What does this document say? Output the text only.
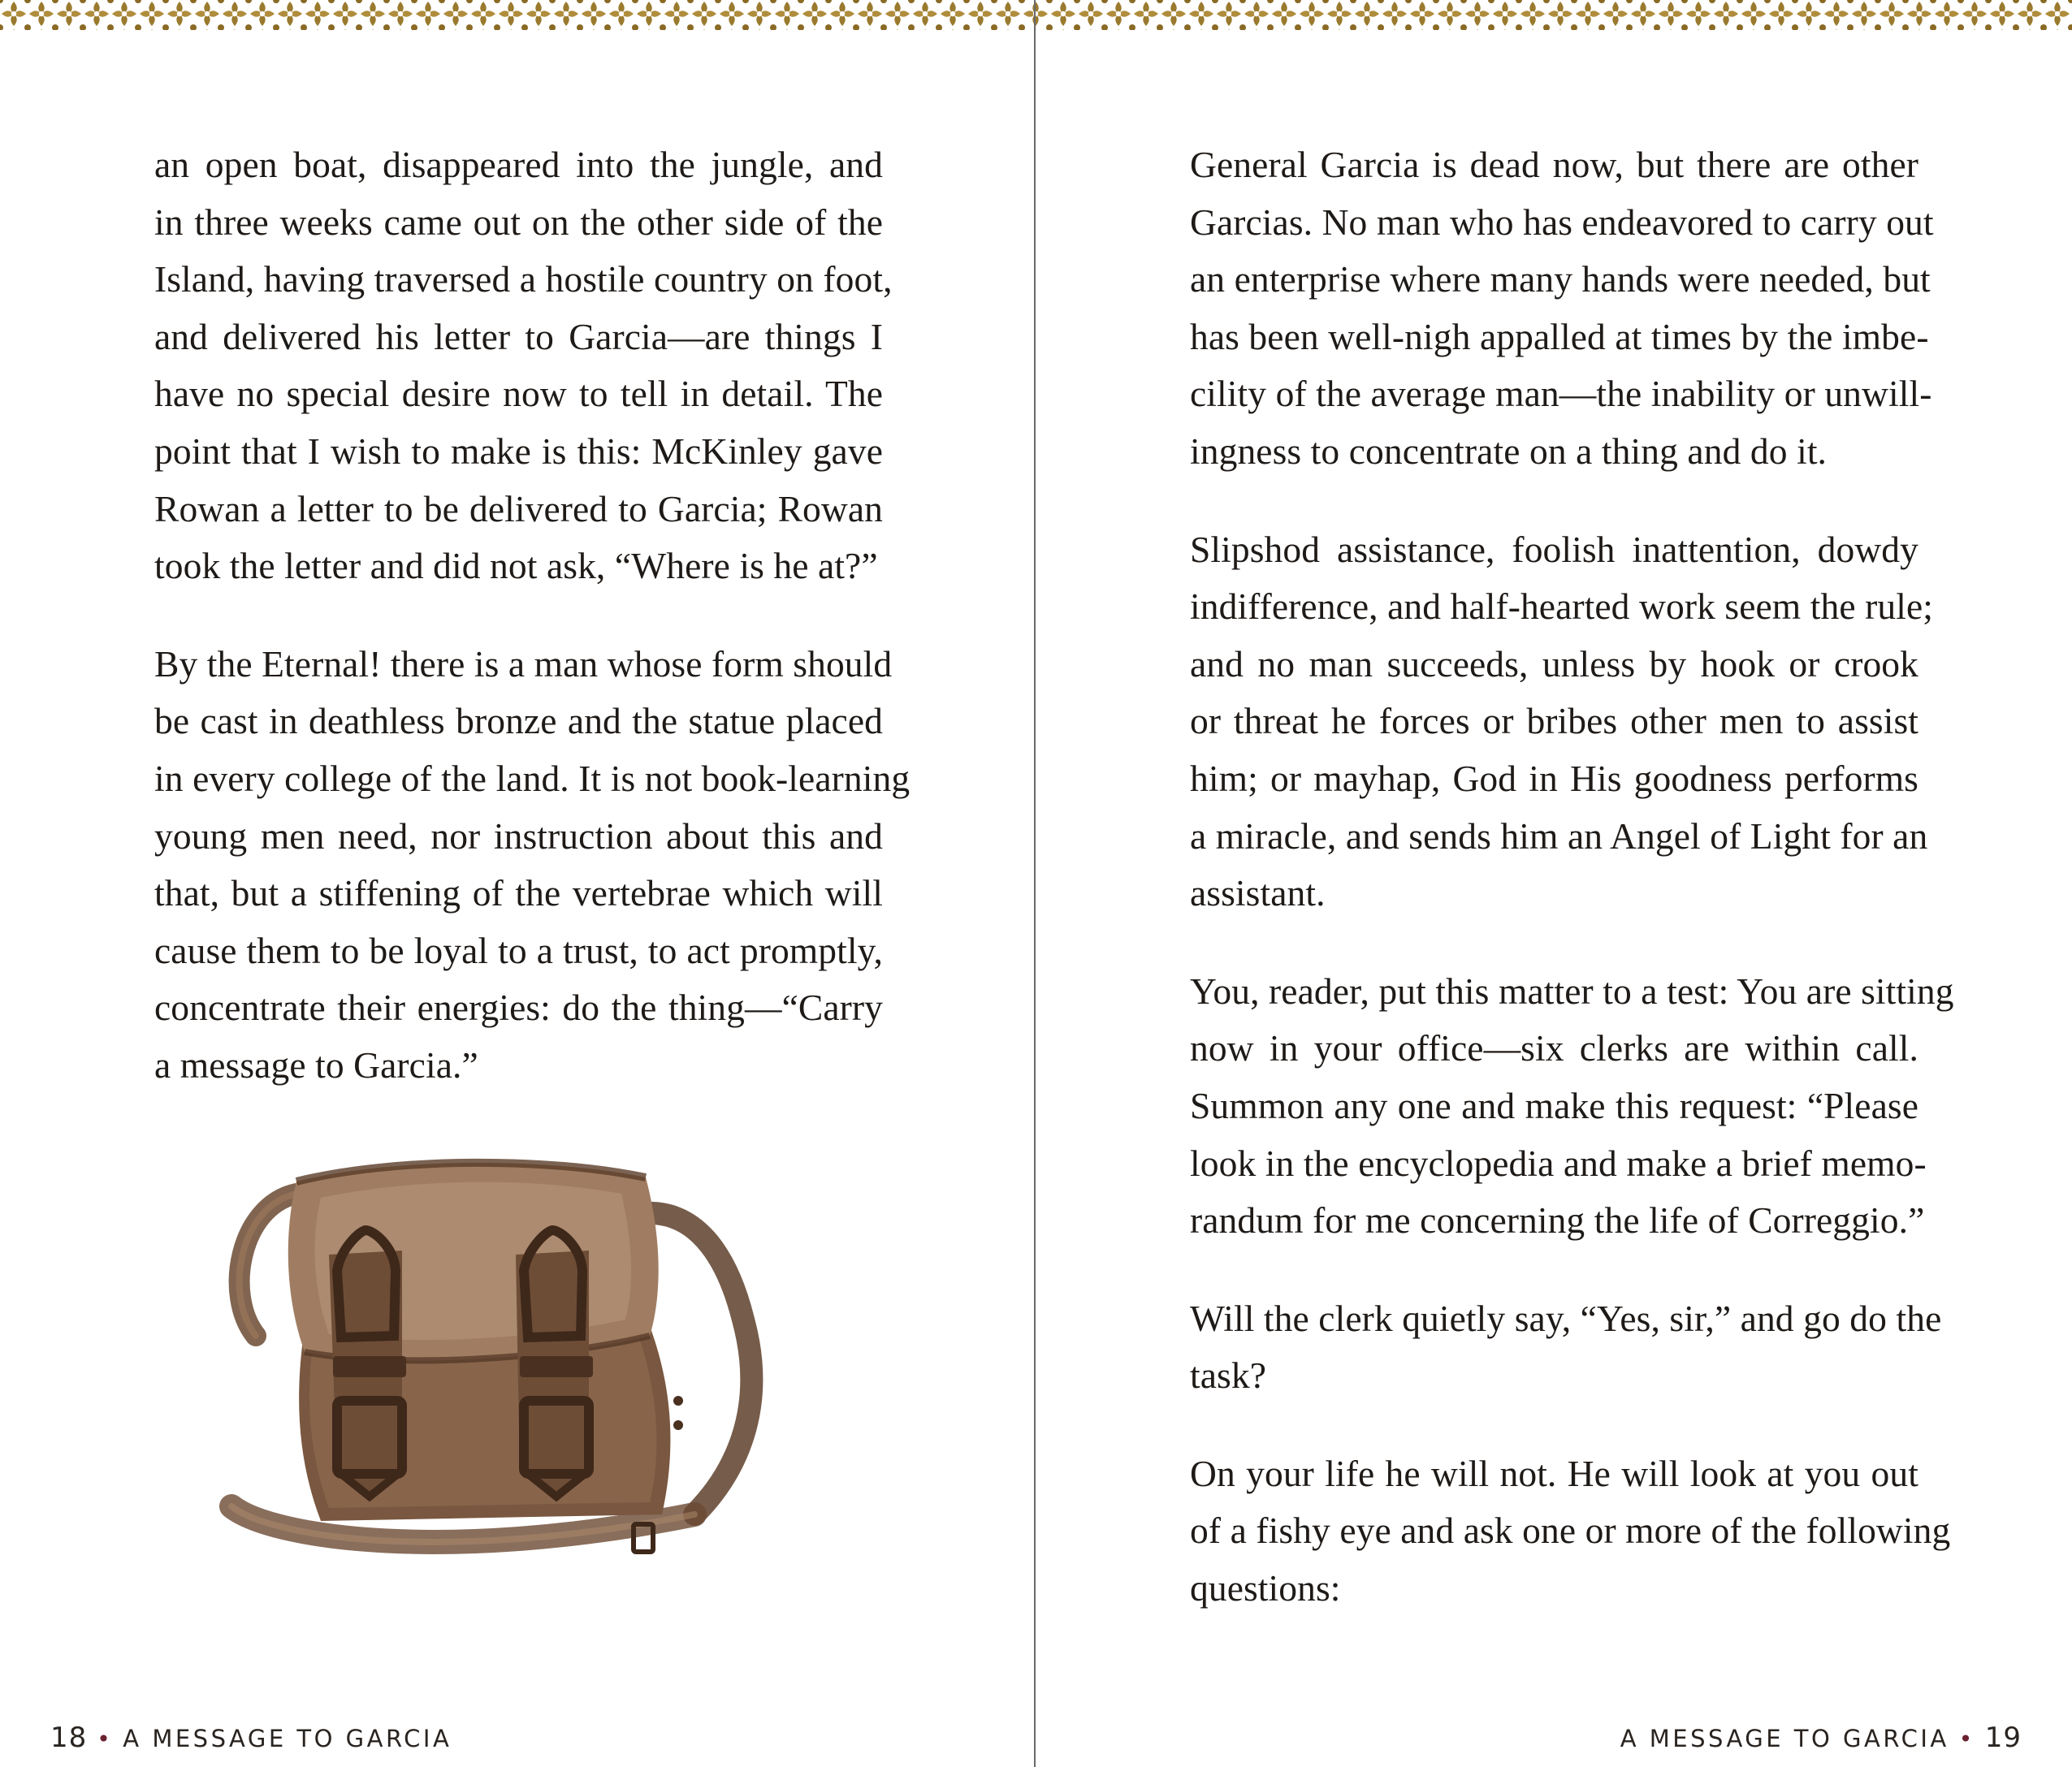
an open boat, disappeared into the jungle, and
in three weeks came out on the other side of the
Island, having traversed a hostile country on foot,
and delivered his letter to Garcia—are things I
have no special desire now to tell in detail. The
point that I wish to make is this: McKinley gave
Rowan a letter to be delivered to Garcia; Rowan
took the letter and did not ask, “Where is he at?”

By the Eternal! there is a man whose form should
be cast in deathless bronze and the statue placed
in every college of the land. It is not book-learning
young men need, nor instruction about this and
that, but a stiffening of the vertebrae which will
cause them to be loyal to a trust, to act promptly,
concentrate their energies: do the thing—“Carry
a message to Garcia.”

18 • A MESSAGE TO GARCIA

General Garcia is dead now, but there are other
Garcias. No man who has endeavored to carry out
an enterprise where many hands were needed, but
has been well-nigh appalled at times by the imbe-
cility of the average man—the inability or unwill-
ingness to concentrate on a thing and do it.

Slipshod assistance, foolish inattention, dowdy
indifference, and half-hearted work seem the rule;
and no man succeeds, unless by hook or crook
or threat he forces or bribes other men to assist
him; or mayhap, God in His goodness performs
a miracle, and sends him an Angel of Light for an
assistant.

You, reader, put this matter to a test: You are sitting
now in your office—six clerks are within call.
Summon any one and make this request: “Please
look in the encyclopedia and make a brief memo-
randum for me concerning the life of Correggio.”

Will the clerk quietly say, “Yes, sir,” and go do the
task?

On your life he will not. He will look at you out
of a fishy eye and ask one or more of the following
questions:

A MESSAGE TO GARCIA • 19
